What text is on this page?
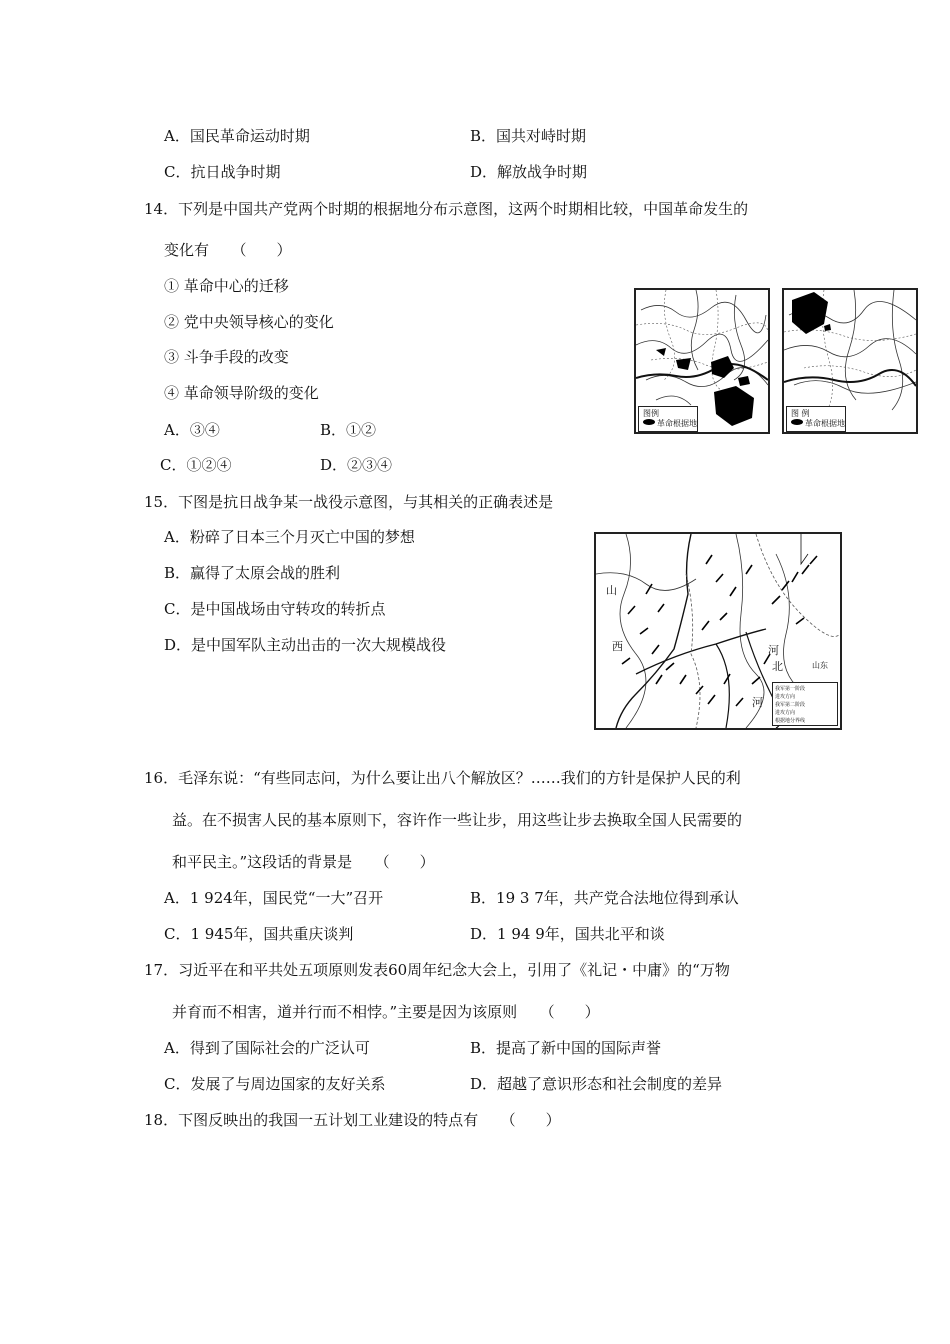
A．国民革命运动时期	B．国共对峙时期
C．抗日战争时期	D．解放战争时期
14．下列是中国共产党两个时期的根据地分布示意图，这两个时期相比较，中国革命发生的
变化有　　（　　）
① 革命中心的迁移
② 党中央领导核心的变化
③ 斗争手段的改变
④ 革命领导阶级的变化
A．③④	B．①②
C．①②④	D．②③④
图例
革命根据地
图 例
革命根据地
15．下图是抗日战争某一战役示意图，与其相关的正确表述是
A．粉碎了日本三个月灭亡中国的梦想
B．赢得了太原会战的胜利
C．是中国战场由守转攻的转折点
D．是中国军队主动出击的一次大规模战役
山
西	河
北
河
山东
我军第一阶段
进攻方向
我军第二阶段
进攻方向
根据地分界线
16．毛泽东说：“有些同志问，为什么要让出八个解放区？……我们的方针是保护人民的利
益。在不损害人民的基本原则下，容许作一些让步，用这些让步去换取全国人民需要的
和平民主。”这段话的背景是　　（　　）
A．1 924年，国民党“一大”召开	B．19 3 7年，共产党合法地位得到承认
C．1 945年，国共重庆谈判	D．1 94 9年，国共北平和谈
17．习近平在和平共处五项原则发表60周年纪念大会上，引用了《礼记・中庸》的“万物
并育而不相害，道并行而不相悖。”主要是因为该原则　　（　　）
A．得到了国际社会的广泛认可	B．提高了新中国的国际声誉
C．发展了与周边国家的友好关系	D．超越了意识形态和社会制度的差异
18．下图反映出的我国一五计划工业建设的特点有　　（　　）
